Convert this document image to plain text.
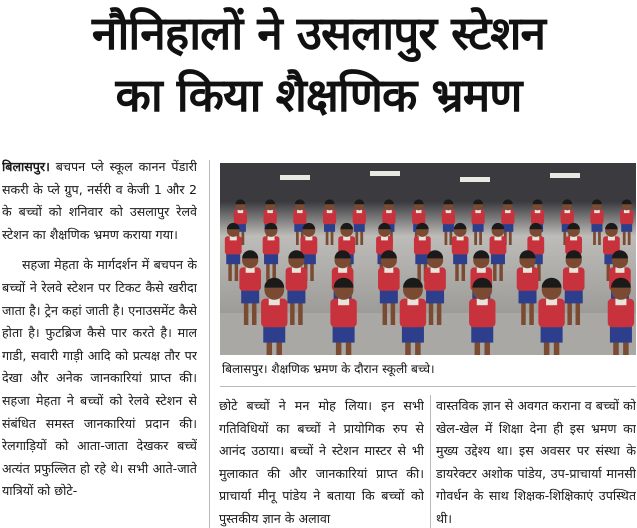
नौनिहालों ने उसलापुर स्टेशन
का किया शैक्षणिक भ्रमण

बिलासपुर। बचपन प्ले स्कूल कानन पेंडारी सकरी के प्ले ग्रुप, नर्सरी व केजी 1 और 2 के बच्चों को शनिवार को उसलापुर रेलवे स्टेशन का शैक्षणिक भ्रमण कराया गया।

सहजा मेहता के मार्गदर्शन में बचपन के बच्चों ने रेलवे स्टेशन पर टिकट कैसे खरीदा जाता है। ट्रेन कहां जाती है। एनाउसमेंट कैसे होता है। फुटब्रिज कैसे पार करते है। माल गाडी, सवारी गाड़ी आदि को प्रत्यक्ष तौर पर देखा और अनेक जानकारियां प्राप्त की। सहजा मेहता ने बच्चों को रेलवे स्टेशन से संबंधित समस्त जानकारियां प्रदान की। रेलगाड़ियों को आता-जाता देखकर बच्चें अत्यंत प्रफुल्लित हो रहे थे। सभी आते-जाते यात्रियों को छोटे-

बिलासपुर। शैक्षणिक भ्रमण के दौरान स्कूली बच्चे।

छोटे बच्चों ने मन मोह लिया। इन सभी गतिविधियों का बच्चों ने प्रायोगिक रुप से आनंद उठाया। बच्चों ने स्टेशन मास्टर से भी मुलाकात की और जानकारियां प्राप्त की। प्राचार्या मीनू पांडेय ने बताया कि बच्चों को पुस्तकीय ज्ञान के अलावा

वास्तविक ज्ञान से अवगत कराना व बच्चों को खेल-खेल में शिक्षा देना ही इस भ्रमण का मुख्य उद्देश्य था। इस अवसर पर संस्था के डायरेक्टर अशोक पांडेय, उप-प्राचार्या मानसी गोवर्धन के साथ शिक्षक-शिक्षिकाएं उपस्थित थी।
